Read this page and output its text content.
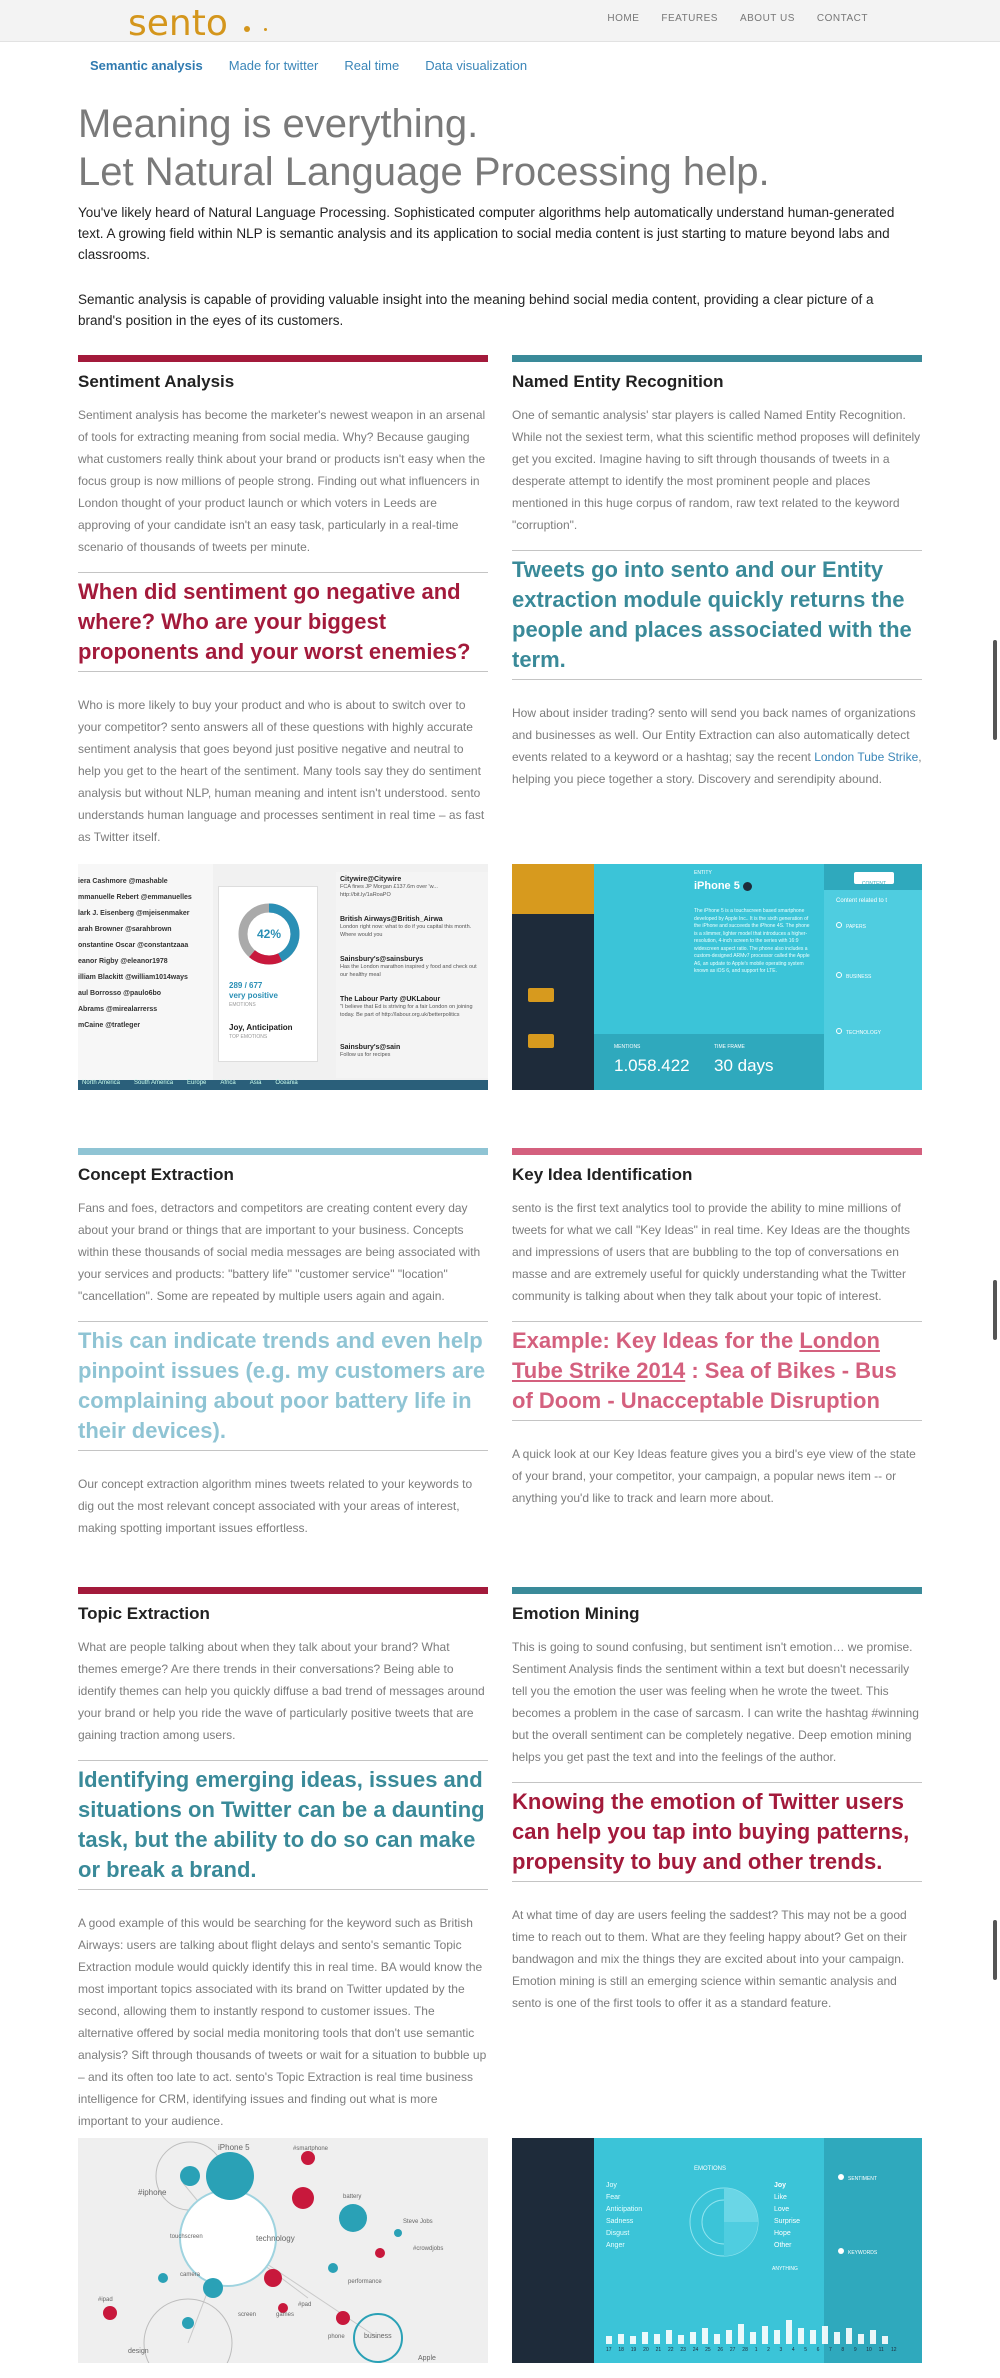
sento	HOME FEATURES ABOUT US CONTACT
Semantic analysis Made for twitter Real time Data visualization
Meaning is everything.
Let Natural Language Processing help.

You've likely heard of Natural Language Processing. Sophisticated computer algorithms help automatically understand human-generated text. A growing field within NLP is semantic analysis and its application to social media content is just starting to mature beyond labs and classrooms.

Semantic analysis is capable of providing valuable insight into the meaning behind social media content, providing a clear picture of a brand's position in the eyes of its customers.

Sentiment Analysis

Sentiment analysis has become the marketer's newest weapon in an arsenal of tools for extracting meaning from social media. Why? Because gauging what customers really think about your brand or products isn't easy when the focus group is now millions of people strong. Finding out what influencers in London thought of your product launch or which voters in Leeds are approving of your candidate isn't an easy task, particularly in a real-time scenario of thousands of tweets per minute.

When did sentiment go negative and where? Who are your biggest proponents and your worst enemies?

Who is more likely to buy your product and who is about to switch over to your competitor? sento answers all of these questions with highly accurate sentiment analysis that goes beyond just positive negative and neutral to help you get to the heart of the sentiment. Many tools say they do sentiment analysis but without NLP, human meaning and intent isn't understood. sento understands human language and processes sentiment in real time – as fast as Twitter itself.

Named Entity Recognition

One of semantic analysis' star players is called Named Entity Recognition. While not the sexiest term, what this scientific method proposes will definitely get you excited. Imagine having to sift through thousands of tweets in a desperate attempt to identify the most prominent people and places mentioned in this huge corpus of random, raw text related to the keyword "corruption".

Tweets go into sento and our Entity extraction module quickly returns the people and places associated with the term.

How about insider trading? sento will send you back names of organizations and businesses as well. Our Entity Extraction can also automatically detect events related to a keyword or a hashtag; say the recent London Tube Strike, helping you piece together a story. Discovery and serendipity abound.

iera Cashmore @mashable
mmanuelle Rebert @emmanuelles
lark J. Eisenberg @mjeisenmaker
arah Browner @sarahbrown
onstantine Oscar @constantzaaa
eanor Rigby @eleanor1978
illiam Blackitt @william1014ways
aul Borrosso @paulo6bo
Abrams @mirealarrerss
mCaine @tratleger
42%
289 / 677
very positive
EMOTIONS
Joy, Anticipation
TOP EMOTIONS
Citywire@Citywire
FCA fines JP Morgan £137.6m over 'w... http://bit.ly/1aRoaPO
British Airways@British_Airwa
London right now: what to do if you capital this month. Where would you
Sainsbury's@sainsburys
Has the London marathon inspired y food and check out our healthy meal
The Labour Party @UKLabour
"I believe that Ed is striving for a fair London on joining today. Be part of http://labour.org.uk/betterpolitics
Sainsbury's@sain
Follow us for recipes
North America South America Europe Africa Asia Oceania
ENTITY
iPhone 5
The iPhone 5 is a touchscreen based smartphone developed by Apple Inc.. It is the sixth generation of the iPhone and succeeds the iPhone 4S. The phone is a slimmer, lighter model that introduces a higher-resolution, 4-inch screen to the series with 16:9 widescreen aspect ratio. The phone also includes a custom-designed ARMv7 processor called the Apple A6, an update to Apple's mobile operating system known as iOS 6, and support for LTE.
MENTIONS
1.058.422
TIME FRAME
30 days
CONTENT
Content related to t
PAPERS
BUSINESS
TECHNOLOGY
Concept Extraction

Fans and foes, detractors and competitors are creating content every day about your brand or things that are important to your business. Concepts within these thousands of social media messages are being associated with your services and products: "battery life" "customer service" "location" "cancellation". Some are repeated by multiple users again and again.

This can indicate trends and even help pinpoint issues (e.g. my customers are complaining about poor battery life in their devices).

Our concept extraction algorithm mines tweets related to your keywords to dig out the most relevant concept associated with your areas of interest, making spotting important issues effortless.

Key Idea Identification

sento is the first text analytics tool to provide the ability to mine millions of tweets for what we call "Key Ideas" in real time. Key Ideas are the thoughts and impressions of users that are bubbling to the top of conversations en masse and are extremely useful for quickly understanding what the Twitter community is talking about when they talk about your topic of interest.

Example: Key Ideas for the London Tube Strike 2014 : Sea of Bikes - Bus of Doom - Unacceptable Disruption

A quick look at our Key Ideas feature gives you a bird's eye view of the state of your brand, your competitor, your campaign, a popular news item -- or anything you'd like to track and learn more about.

Topic Extraction

What are people talking about when they talk about your brand? What themes emerge? Are there trends in their conversations? Being able to identify themes can help you quickly diffuse a bad trend of messages around your brand or help you ride the wave of particularly positive tweets that are gaining traction among users.

Identifying emerging ideas, issues and situations on Twitter can be a daunting task, but the ability to do so can make or break a brand.

A good example of this would be searching for the keyword such as British Airways: users are talking about flight delays and sento's semantic Topic Extraction module would quickly identify this in real time. BA would know the most important topics associated with its brand on Twitter updated by the second, allowing them to instantly respond to customer issues. The alternative offered by social media monitoring tools that don't use semantic analysis? Sift through thousands of tweets or wait for a situation to bubble up – and its often too late to act. sento's Topic Extraction is real time business intelligence for CRM, identifying issues and finding out what is more important to your audience.

Emotion Mining

This is going to sound confusing, but sentiment isn't emotion… we promise. Sentiment Analysis finds the sentiment within a text but doesn't necessarily tell you the emotion the user was feeling when he wrote the tweet. This becomes a problem in the case of sarcasm. I can write the hashtag #winning but the overall sentiment can be completely negative. Deep emotion mining helps you get past the text and into the feelings of the author.

Knowing the emotion of Twitter users can help you tap into buying patterns, propensity to buy and other trends.

At what time of day are users feeling the saddest? This may not be a good time to reach out to them. What are they feeling happy about? Get on their bandwagon and mix the things they are excited about into your campaign. Emotion mining is still an emerging science within semantic analysis and sento is one of the first tools to offer it as a standard feature.

iPhone 5	#smartphone
#iphone	battery
touchscreen	technology
Steve Jobs
#crowdjobs
camera
performance
#ipad
#pad
screen	games
phone	business
design
Apple
EMOTIONS
Joy
Fear
Anticipation
Sadness
Disgust
Anger
Joy
Like
Love
Surprise
Hope
Other
ANYTHING
SENTIMENT
KEYWORDS
17 18 19 20 21 22 23 24 25 26 27 28 1	2	3	4	5	6	7	8	9	10 11	12
